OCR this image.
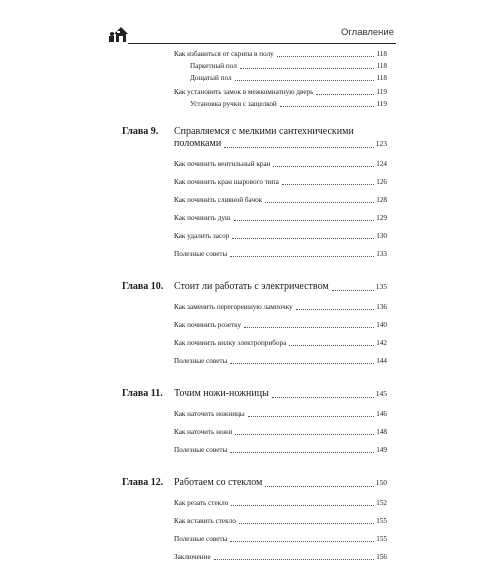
Оглавление
Как избавиться от скрипа в полу	118
Паркетный пол	118
Дощатый пол	118
Как установить замок в межкомнатную дверь	119
Установка ручки с защелкой	119
Глава 9. Справляемся с мелкими сантехническими
поломками	123
Как починить вентильный кран	124
Как починить кран шарового типа	126
Как починить сливной бачок	128
Как починить душ	129
Как удалить засор	130
Полезные советы	133
Глава 10. Стоит ли работать с электричеством	135
Как заменить перегоревшую лампочку	136
Как починить розетку	140
Как починить вилку электроприбора	142
Полезные советы	144
Глава 11. Точим ножи-ножницы	145
Как наточить ножницы	146
Как наточить ножи	148
Полезные советы	149
Глава 12. Работаем со стеклом	150
Как резать стекло	152
Как вставить стекло	155
Полезные советы	155
Заключение	156
